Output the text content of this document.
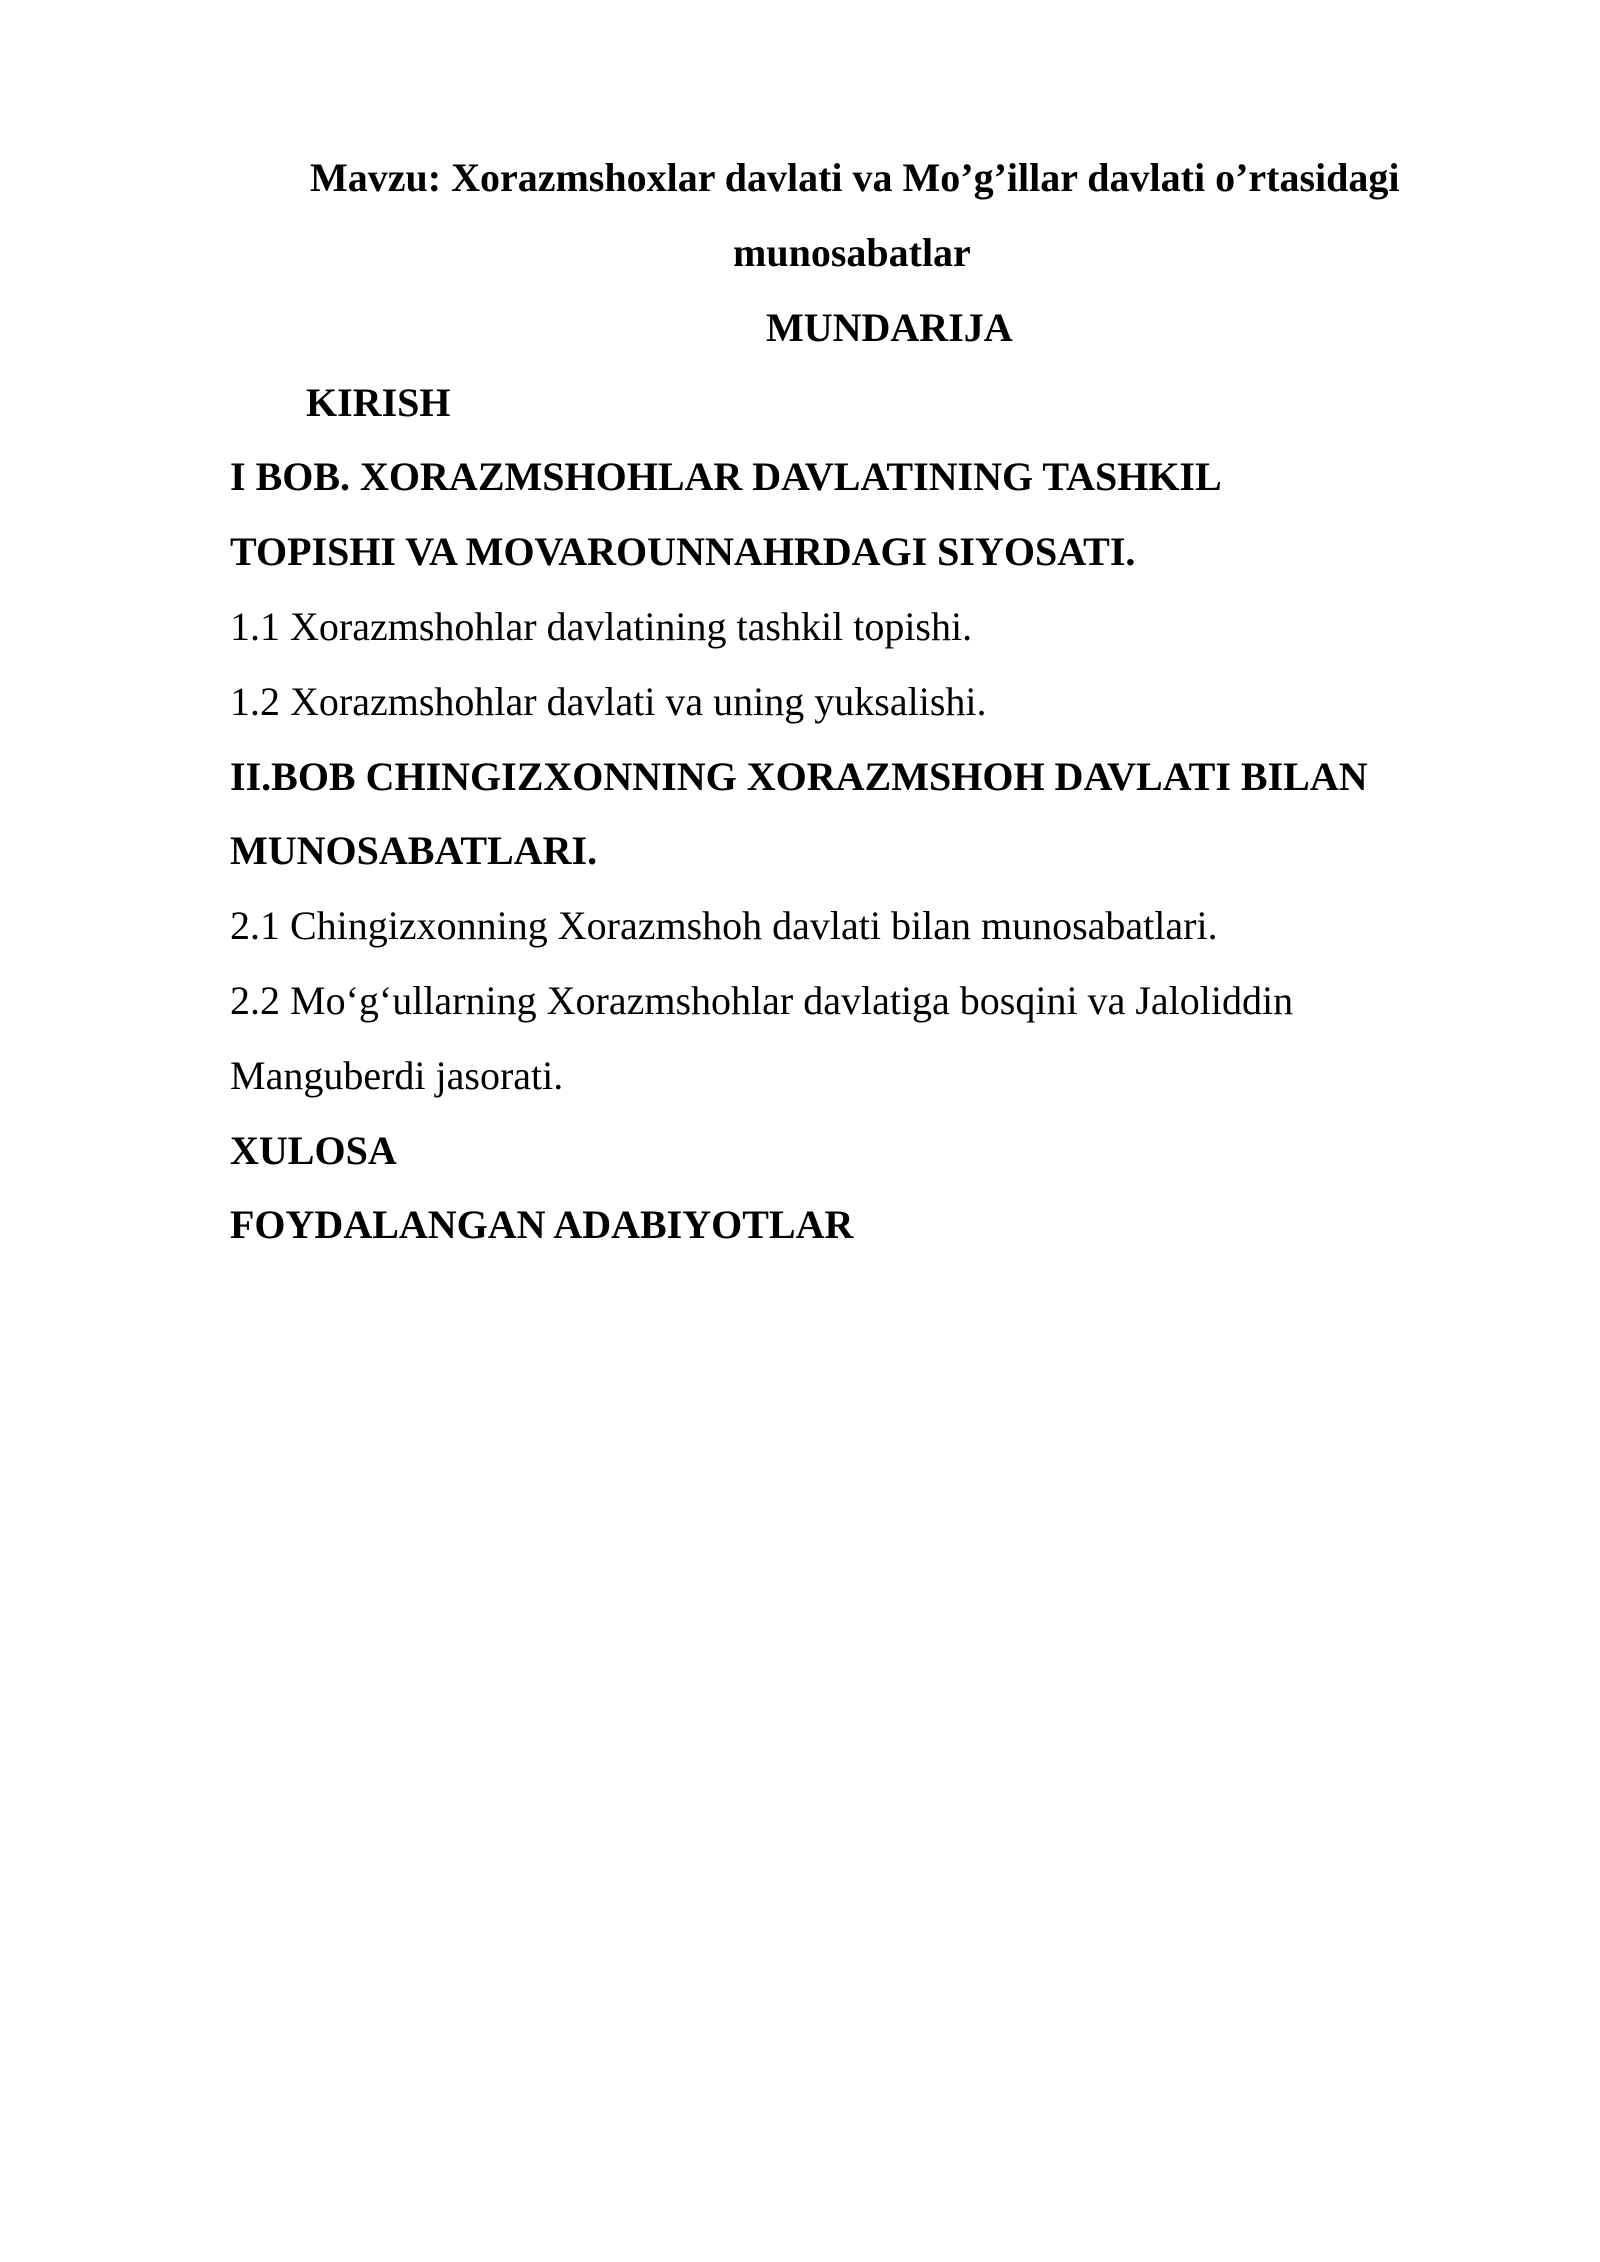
Mavzu: Xorazmshoxlar davlati va Mo’g’illar davlati o’rtasidagi
munosabatlar
MUNDARIJA
KIRISH
I BOB. XORAZMSHOHLAR DAVLATINING TASHKIL
TOPISHI VA MOVAROUNNAHRDAGI SIYOSATI.
1.1 Xorazmshohlar davlatining tashkil topishi.
1.2 Xorazmshohlar davlati va uning yuksalishi.
II.BOB CHINGIZXONNING XORAZMSHOH DAVLATI BILAN
MUNOSABATLARI.
2.1 Chingizxonning Xorazmshoh davlati bilan munosabatlari.
2.2 Mo‘g‘ullarning Xorazmshohlar davlatiga bosqini va Jaloliddin
Manguberdi jasorati.
XULOSA
FOYDALANGAN ADABIYOTLAR
